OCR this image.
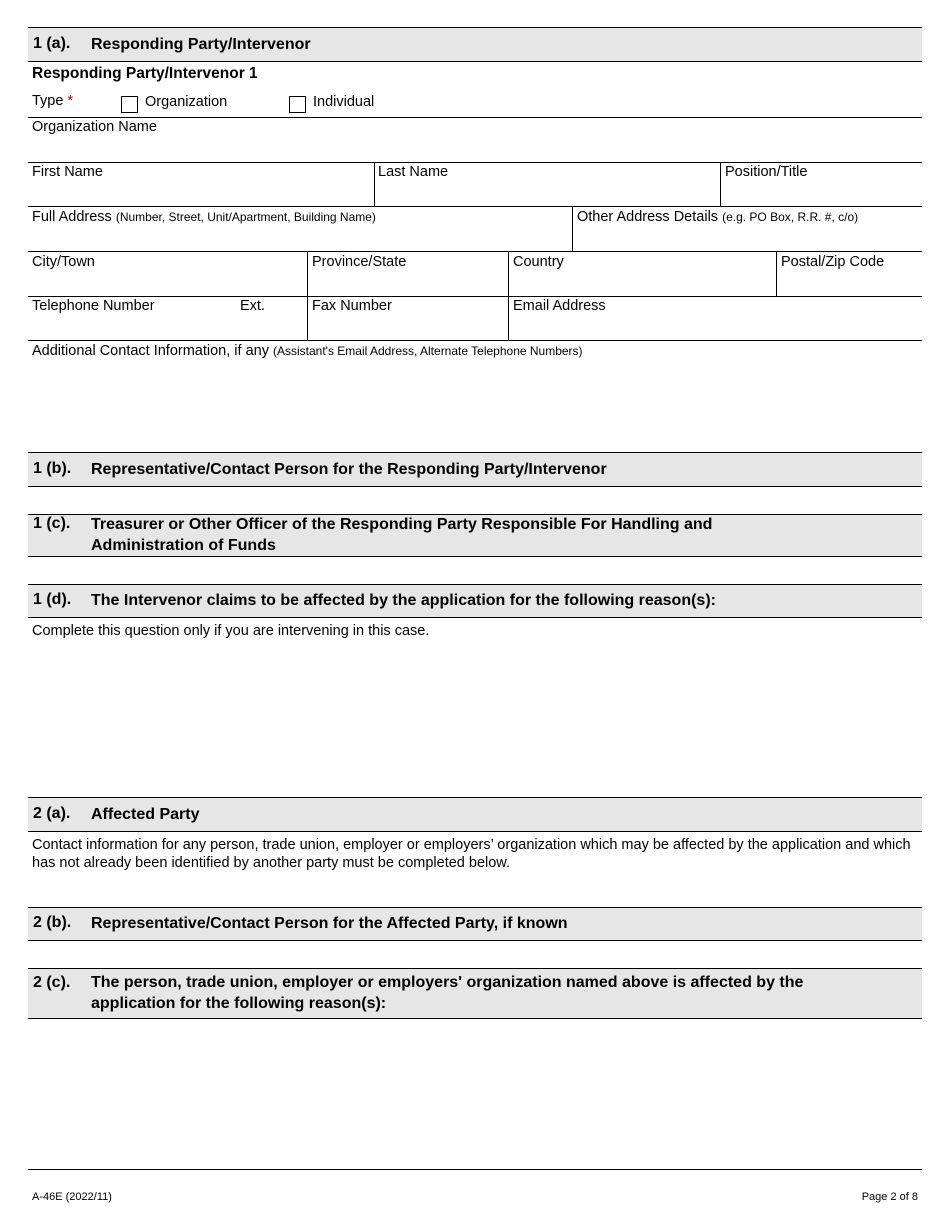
1 (a). Responding Party/Intervenor
Responding Party/Intervenor 1
Type *	Organization	Individual
Organization Name
First Name	Last Name	Position/Title
Full Address (Number, Street, Unit/Apartment, Building Name)	Other Address Details (e.g. PO Box, R.R. #, c/o)
City/Town	Province/State	Country	Postal/Zip Code
Telephone Number	Ext.	Fax Number	Email Address
Additional Contact Information, if any (Assistant's Email Address, Alternate Telephone Numbers)
1 (b). Representative/Contact Person for the Responding Party/Intervenor
1 (c). Treasurer or Other Officer of the Responding Party Responsible For Handling and Administration of Funds
1 (d). The Intervenor claims to be affected by the application for the following reason(s):
Complete this question only if you are intervening in this case.
2 (a). Affected Party
Contact information for any person, trade union, employer or employers’ organization which may be affected by the application and which has not already been identified by another party must be completed below.
2 (b). Representative/Contact Person for the Affected Party, if known
2 (c). The person, trade union, employer or employers' organization named above is affected by the application for the following reason(s):
A-46E (2022/11)	Page 2 of 8
